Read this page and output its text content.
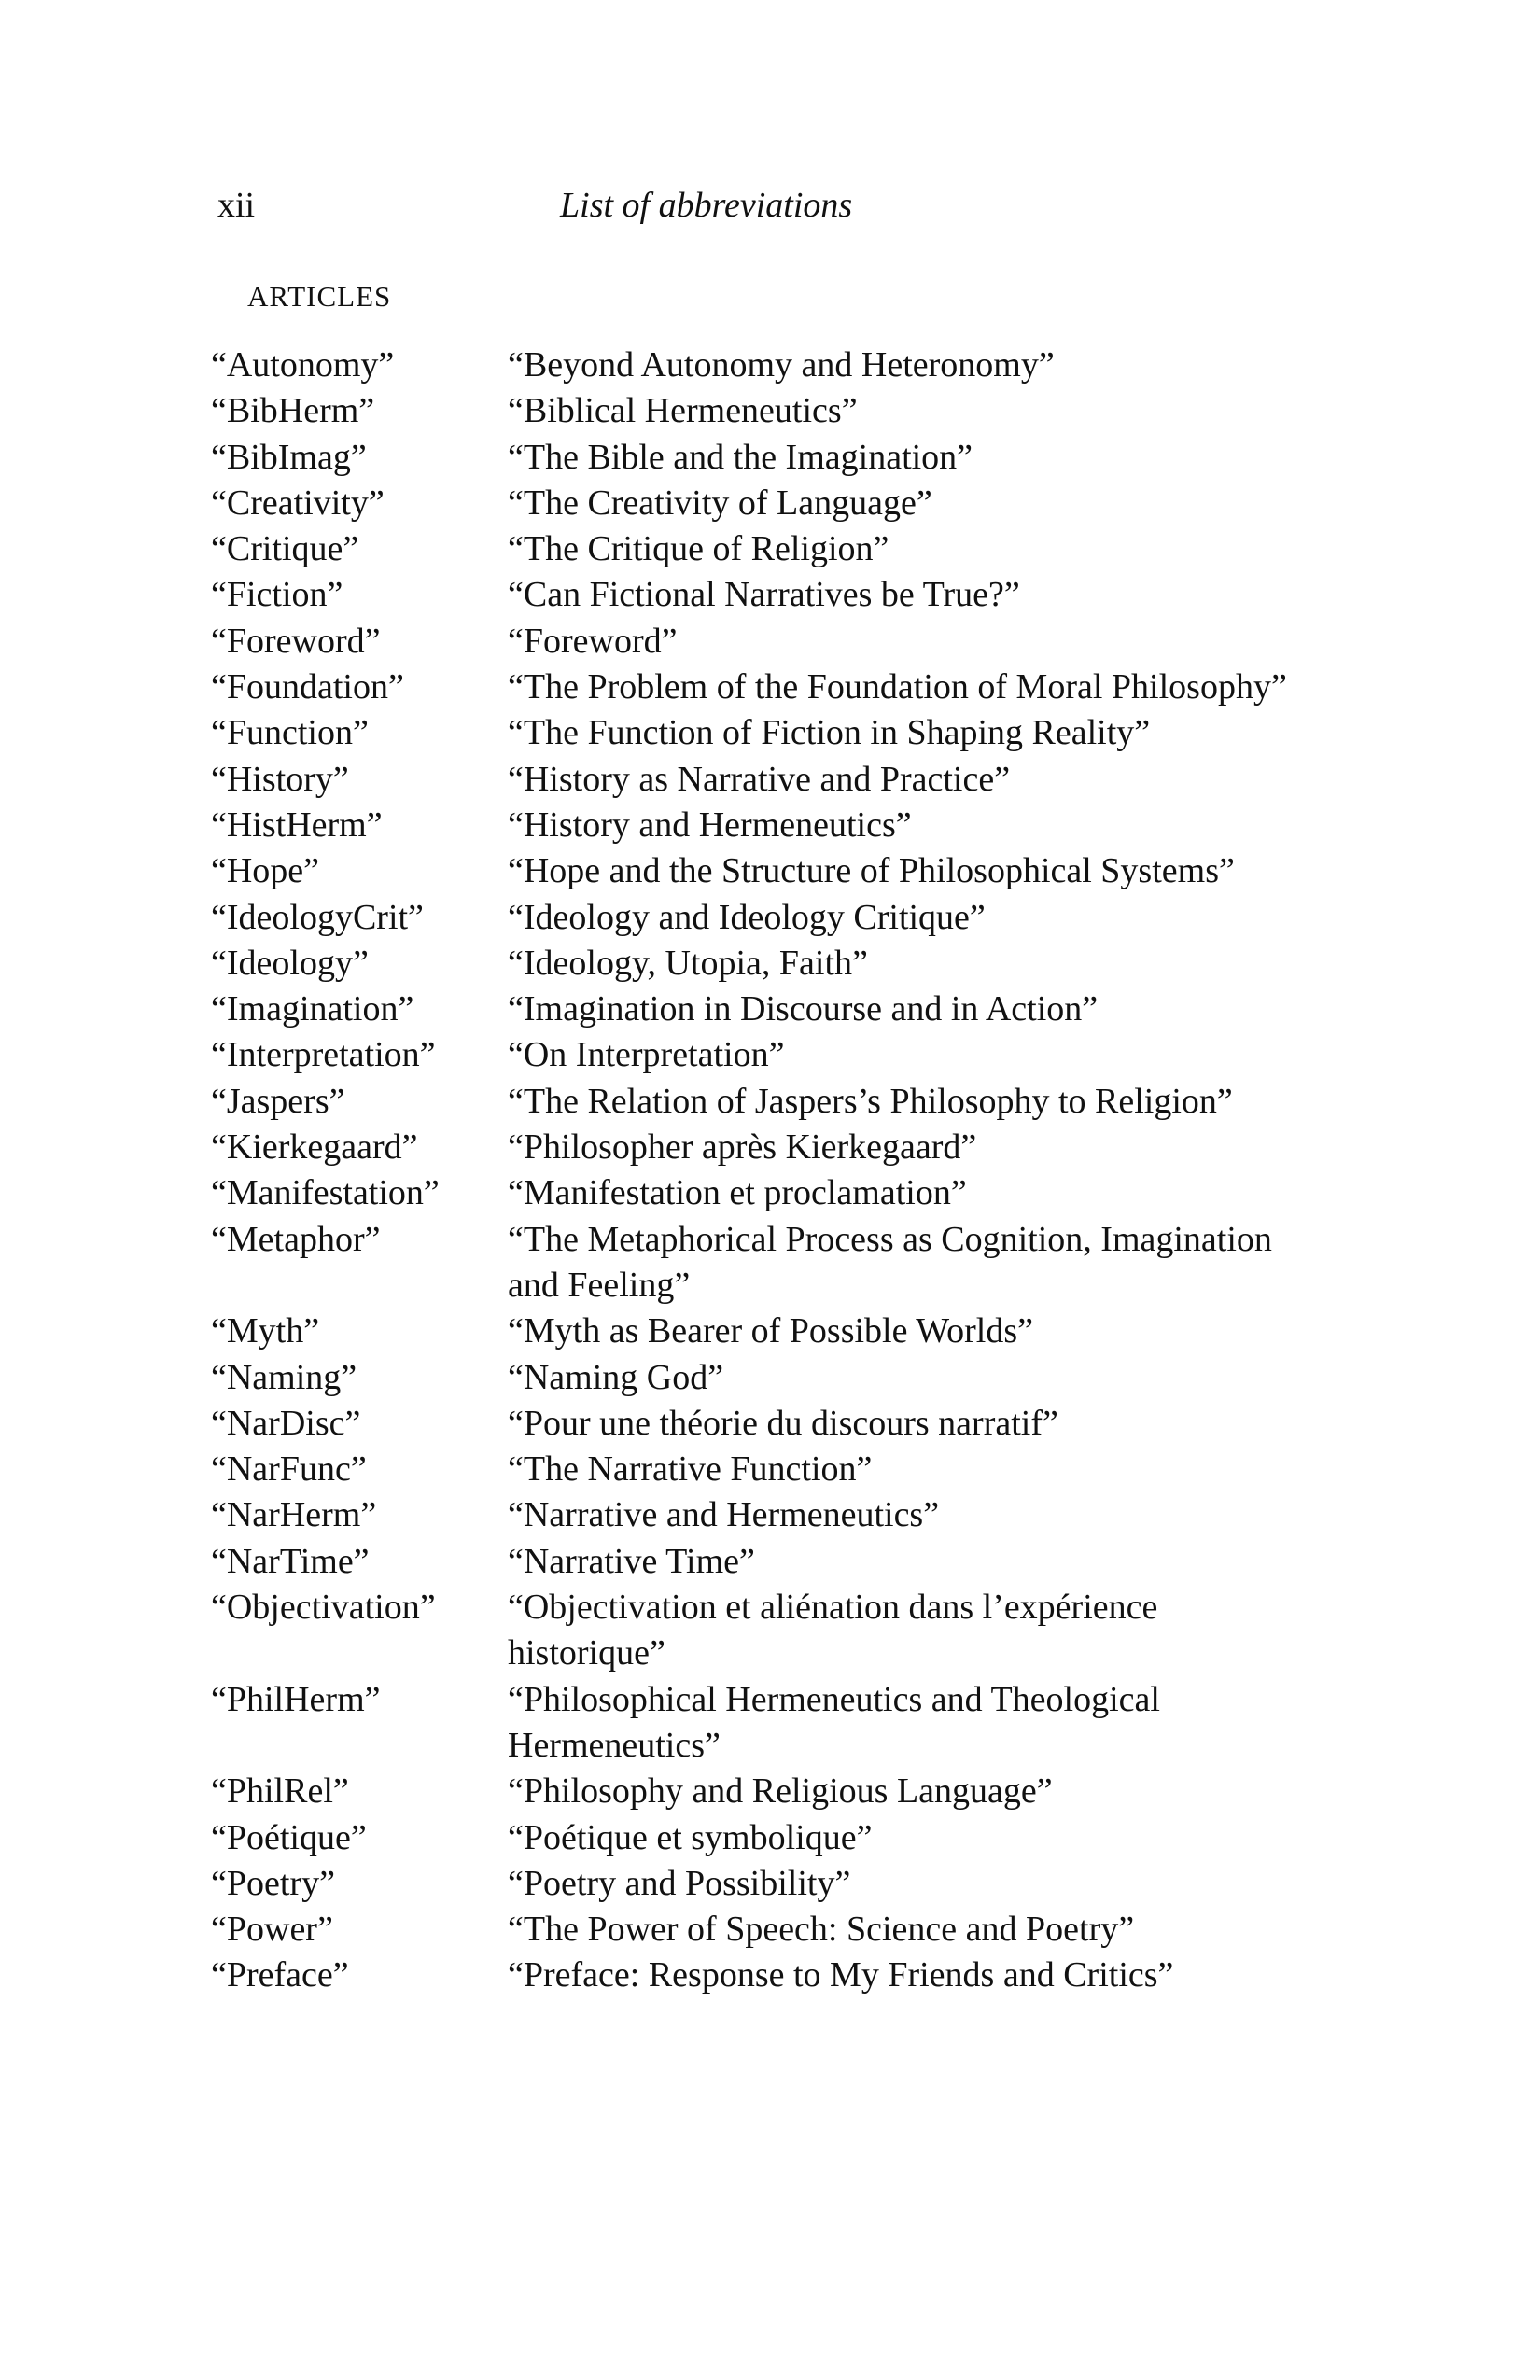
xii	List of abbreviations
ARTICLES
“Autonomy”	“Beyond Autonomy and Heteronomy”
“BibHerm”	“Biblical Hermeneutics”
“BibImag”	“The Bible and the Imagination”
“Creativity”	“The Creativity of Language”
“Critique”	“The Critique of Religion”
“Fiction”	“Can Fictional Narratives be True?”
“Foreword”	“Foreword”
“Foundation”	“The Problem of the Foundation of Moral Philosophy”
“Function”	“The Function of Fiction in Shaping Reality”
“History”	“History as Narrative and Practice”
“HistHerm”	“History and Hermeneutics”
“Hope”	“Hope and the Structure of Philosophical Systems”
“IdeologyCrit”	“Ideology and Ideology Critique”
“Ideology”	“Ideology, Utopia, Faith”
“Imagination”	“Imagination in Discourse and in Action”
“Interpretation”	“On Interpretation”
“Jaspers”	“The Relation of Jaspers’s Philosophy to Religion”
“Kierkegaard”	“Philosopher après Kierkegaard”
“Manifestation”	“Manifestation et proclamation”
“Metaphor”	“The Metaphorical Process as Cognition, Imagination and Feeling”
“Myth”	“Myth as Bearer of Possible Worlds”
“Naming”	“Naming God”
“NarDisc”	“Pour une théorie du discours narratif”
“NarFunc”	“The Narrative Function”
“NarHerm”	“Narrative and Hermeneutics”
“NarTime”	“Narrative Time”
“Objectivation”	“Objectivation et aliénation dans l’expérience historique”
“PhilHerm”	“Philosophical Hermeneutics and Theological Hermeneutics”
“PhilRel”	“Philosophy and Religious Language”
“Poétique”	“Poétique et symbolique”
“Poetry”	“Poetry and Possibility”
“Power”	“The Power of Speech: Science and Poetry”
“Preface”	“Preface: Response to My Friends and Critics”
